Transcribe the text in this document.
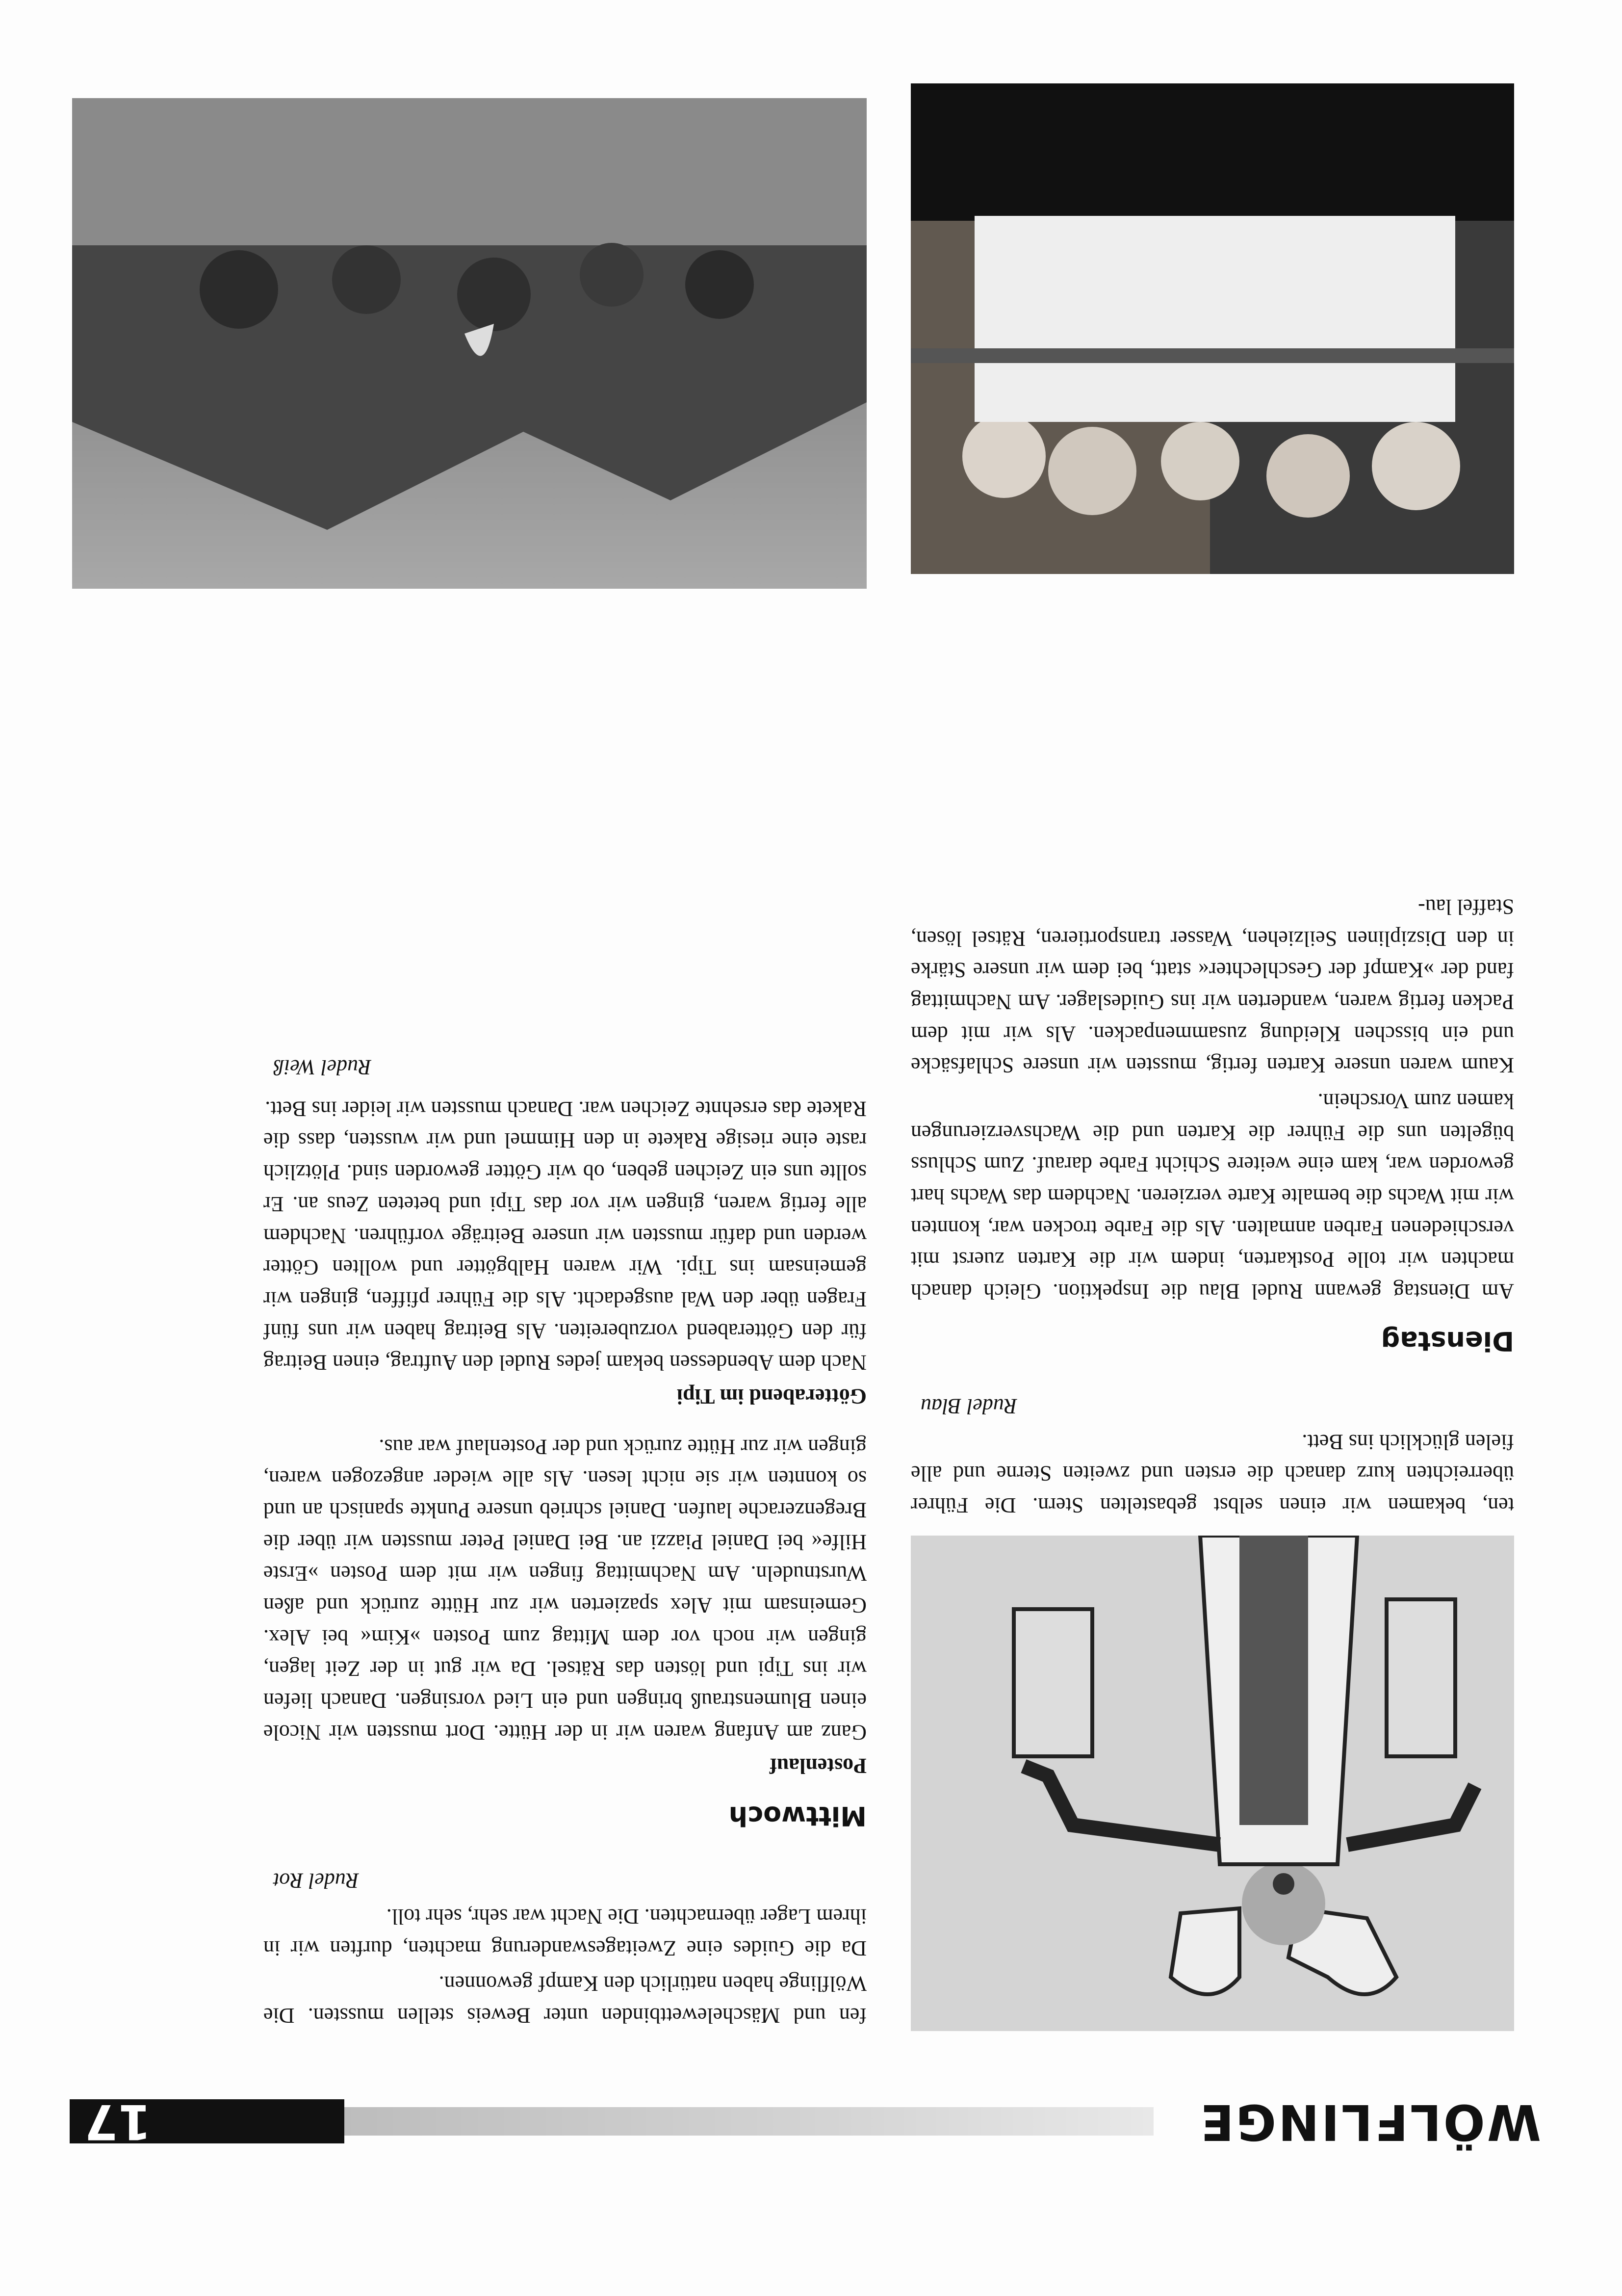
WÖLFLINGE
17

ten, bekamen wir einen selbst gebastelten Stern. Die Führer überreichten kurz danach die ersten und zweiten Sterne und alle fielen glücklich ins Bett.

Rudel Blau
Dienstag

Am Dienstag gewann Rudel Blau die Inspektion. Gleich danach machten wir tolle Postkarten, indem wir die Karten zuerst mit verschiedenen Farben anmalten. Als die Farbe trocken war, konnten wir mit Wachs die bemalte Karte verzieren. Nachdem das Wachs hart geworden war, kam eine weitere Schicht Farbe darauf. Zum Schluss bügelten uns die Führer die Karten und die Wachsverzierungen kamen zum Vorschein.

Kaum waren unsere Karten fertig, mussten wir unsere Schlafsäcke und ein bisschen Kleidung zusammenpacken. Als wir mit dem Packen fertig waren, wanderten wir ins Guideslager. Am Nachmittag fand der »Kampf der Geschlechter« statt, bei dem wir unsere Stärke in den Disziplinen Seilziehen, Wasser transportieren, Rätsel lösen, Staffel lau-

fen und Mäschelewettbinden unter Beweis stellen mussten. Die Wölflinge haben natürlich den Kampf gewonnen.

Da die Guides eine Zweitageswanderung machten, durften wir in ihrem Lager übernachten. Die Nacht war sehr, sehr toll.

Rudel Rot
Mittwoch
Postenlauf

Ganz am Anfang waren wir in der Hütte. Dort mussten wir Nicole einen Blumenstrauß bringen und ein Lied vorsingen. Danach liefen wir ins Tipi und lösten das Rätsel. Da wir gut in der Zeit lagen, gingen wir noch vor dem Mittag zum Posten »Kim« bei Alex. Gemeinsam mit Alex spazierten wir zur Hütte zurück und aßen Wurstnudeln. Am Nachmittag fingen wir mit dem Posten »Erste Hilfe« bei Daniel Piazzi an. Bei Daniel Peter mussten wir über die Bregenzerache laufen. Daniel schrieb unsere Punkte spanisch an und so konnten wir sie nicht lesen. Als alle wieder angezogen waren, gingen wir zur Hütte zurück und der Postenlauf war aus.

Götterabend im Tipi

Nach dem Abendessen bekam jedes Rudel den Auftrag, einen Beitrag für den Götterabend vorzubereiten. Als Beitrag haben wir uns fünf Fragen über den Wal ausgedacht. Als die Führer pfiffen, gingen wir gemeinsam ins Tipi. Wir waren Halbgötter und wollten Götter werden und dafür mussten wir unsere Beiträge vorführen. Nachdem alle fertig waren, gingen wir vor das Tipi und beteten Zeus an. Er sollte uns ein Zeichen geben, ob wir Götter geworden sind. Plötzlich raste eine riesige Rakete in den Himmel und wir wussten, dass die Rakete das ersehnte Zeichen war. Danach mussten wir leider ins Bett.

Rudel Weiß
